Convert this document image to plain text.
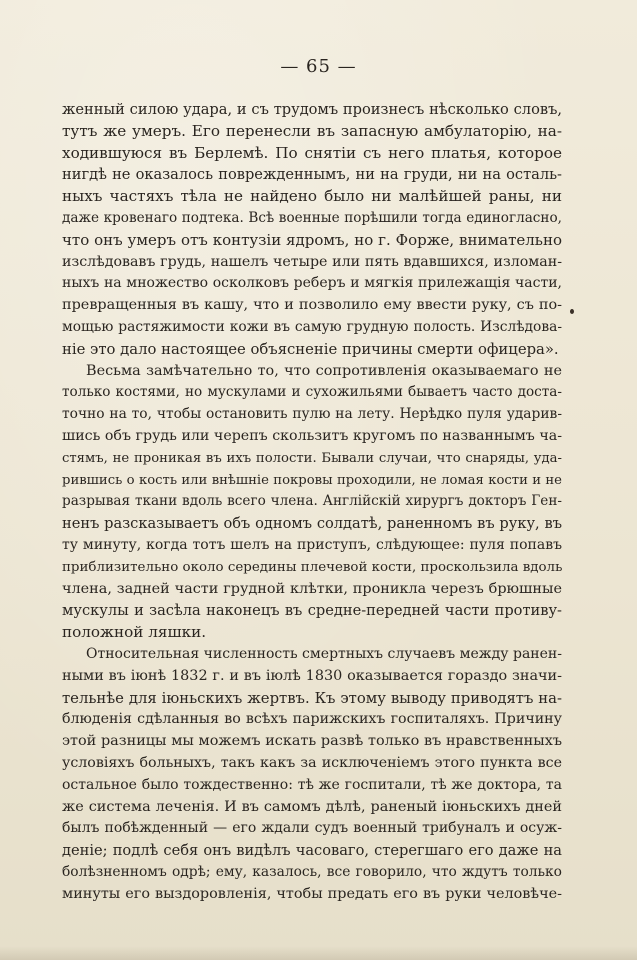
— 65 —
женный силою удара, и съ трудомъ произнесъ нѣсколько словъ,
тутъ же умеръ. Его перенесли въ запасную амбулаторію, на-
ходившуюся въ Берлемѣ. По снятіи съ него платья, которое
нигдѣ не оказалось поврежденнымъ, ни на груди, ни на осталь-
ныхъ частяхъ тѣла не найдено было ни малѣйшей раны, ни
даже кровенаго подтека. Всѣ военные порѣшили тогда единогласно,
что онъ умеръ отъ контузіи ядромъ, но г. Форже, внимательно
изслѣдовавъ грудь, нашелъ четыре или пять вдавшихся, изломан-
ныхъ на множество осколковъ реберъ и мягкія прилежащія части,
превращенныя въ кашу, что и позволило ему ввести руку, съ по-
мощью растяжимости кожи въ самую грудную полость. Изслѣдова-
ніе это дало настоящее объясненіе причины смерти офицера».
Весьма замѣчательно то, что сопротивленія оказываемаго не
только костями, но мускулами и сухожильями бываетъ часто доста-
точно на то, чтобы остановить пулю на лету. Нерѣдко пуля ударив-
шись объ грудь или черепъ скользитъ кругомъ по названнымъ ча-
стямъ, не проникая въ ихъ полости. Бывали случаи, что снаряды, уда-
рившись о кость или внѣшніе покровы проходили, не ломая кости и не
разрывая ткани вдоль всего члена. Англійскій хирургъ докторъ Ген-
ненъ разсказываетъ объ одномъ солдатѣ, раненномъ въ руку, въ
ту минуту, когда тотъ шелъ на приступъ, слѣдующее: пуля попавъ
приблизительно около середины плечевой кости, проскользила вдоль
члена, задней части грудной клѣтки, проникла черезъ брюшные
мускулы и засѣла наконецъ въ средне-передней части противу-
положной ляшки.
Относительная численность смертныхъ случаевъ между ранен-
ными въ іюнѣ 1832 г. и въ іюлѣ 1830 оказывается гораздо значи-
тельнѣе для іюньскихъ жертвъ. Къ этому выводу приводятъ на-
блюденія сдѣланныя во всѣхъ парижскихъ госпиталяхъ. Причину
этой разницы мы можемъ искать развѣ только въ нравственныхъ
условіяхъ больныхъ, такъ какъ за исключеніемъ этого пункта все
остальное было тождественно: тѣ же госпитали, тѣ же доктора, та
же система леченія. И въ самомъ дѣлѣ, раненый іюньскихъ дней
былъ побѣжденный — его ждали судъ военный трибуналъ и осуж-
деніе; подлѣ себя онъ видѣлъ часоваго, стерегшаго его даже на
болѣзненномъ одрѣ; ему, казалось, все говорило, что ждутъ только
минуты его выздоровленія, чтобы предать его въ руки человѣче-
